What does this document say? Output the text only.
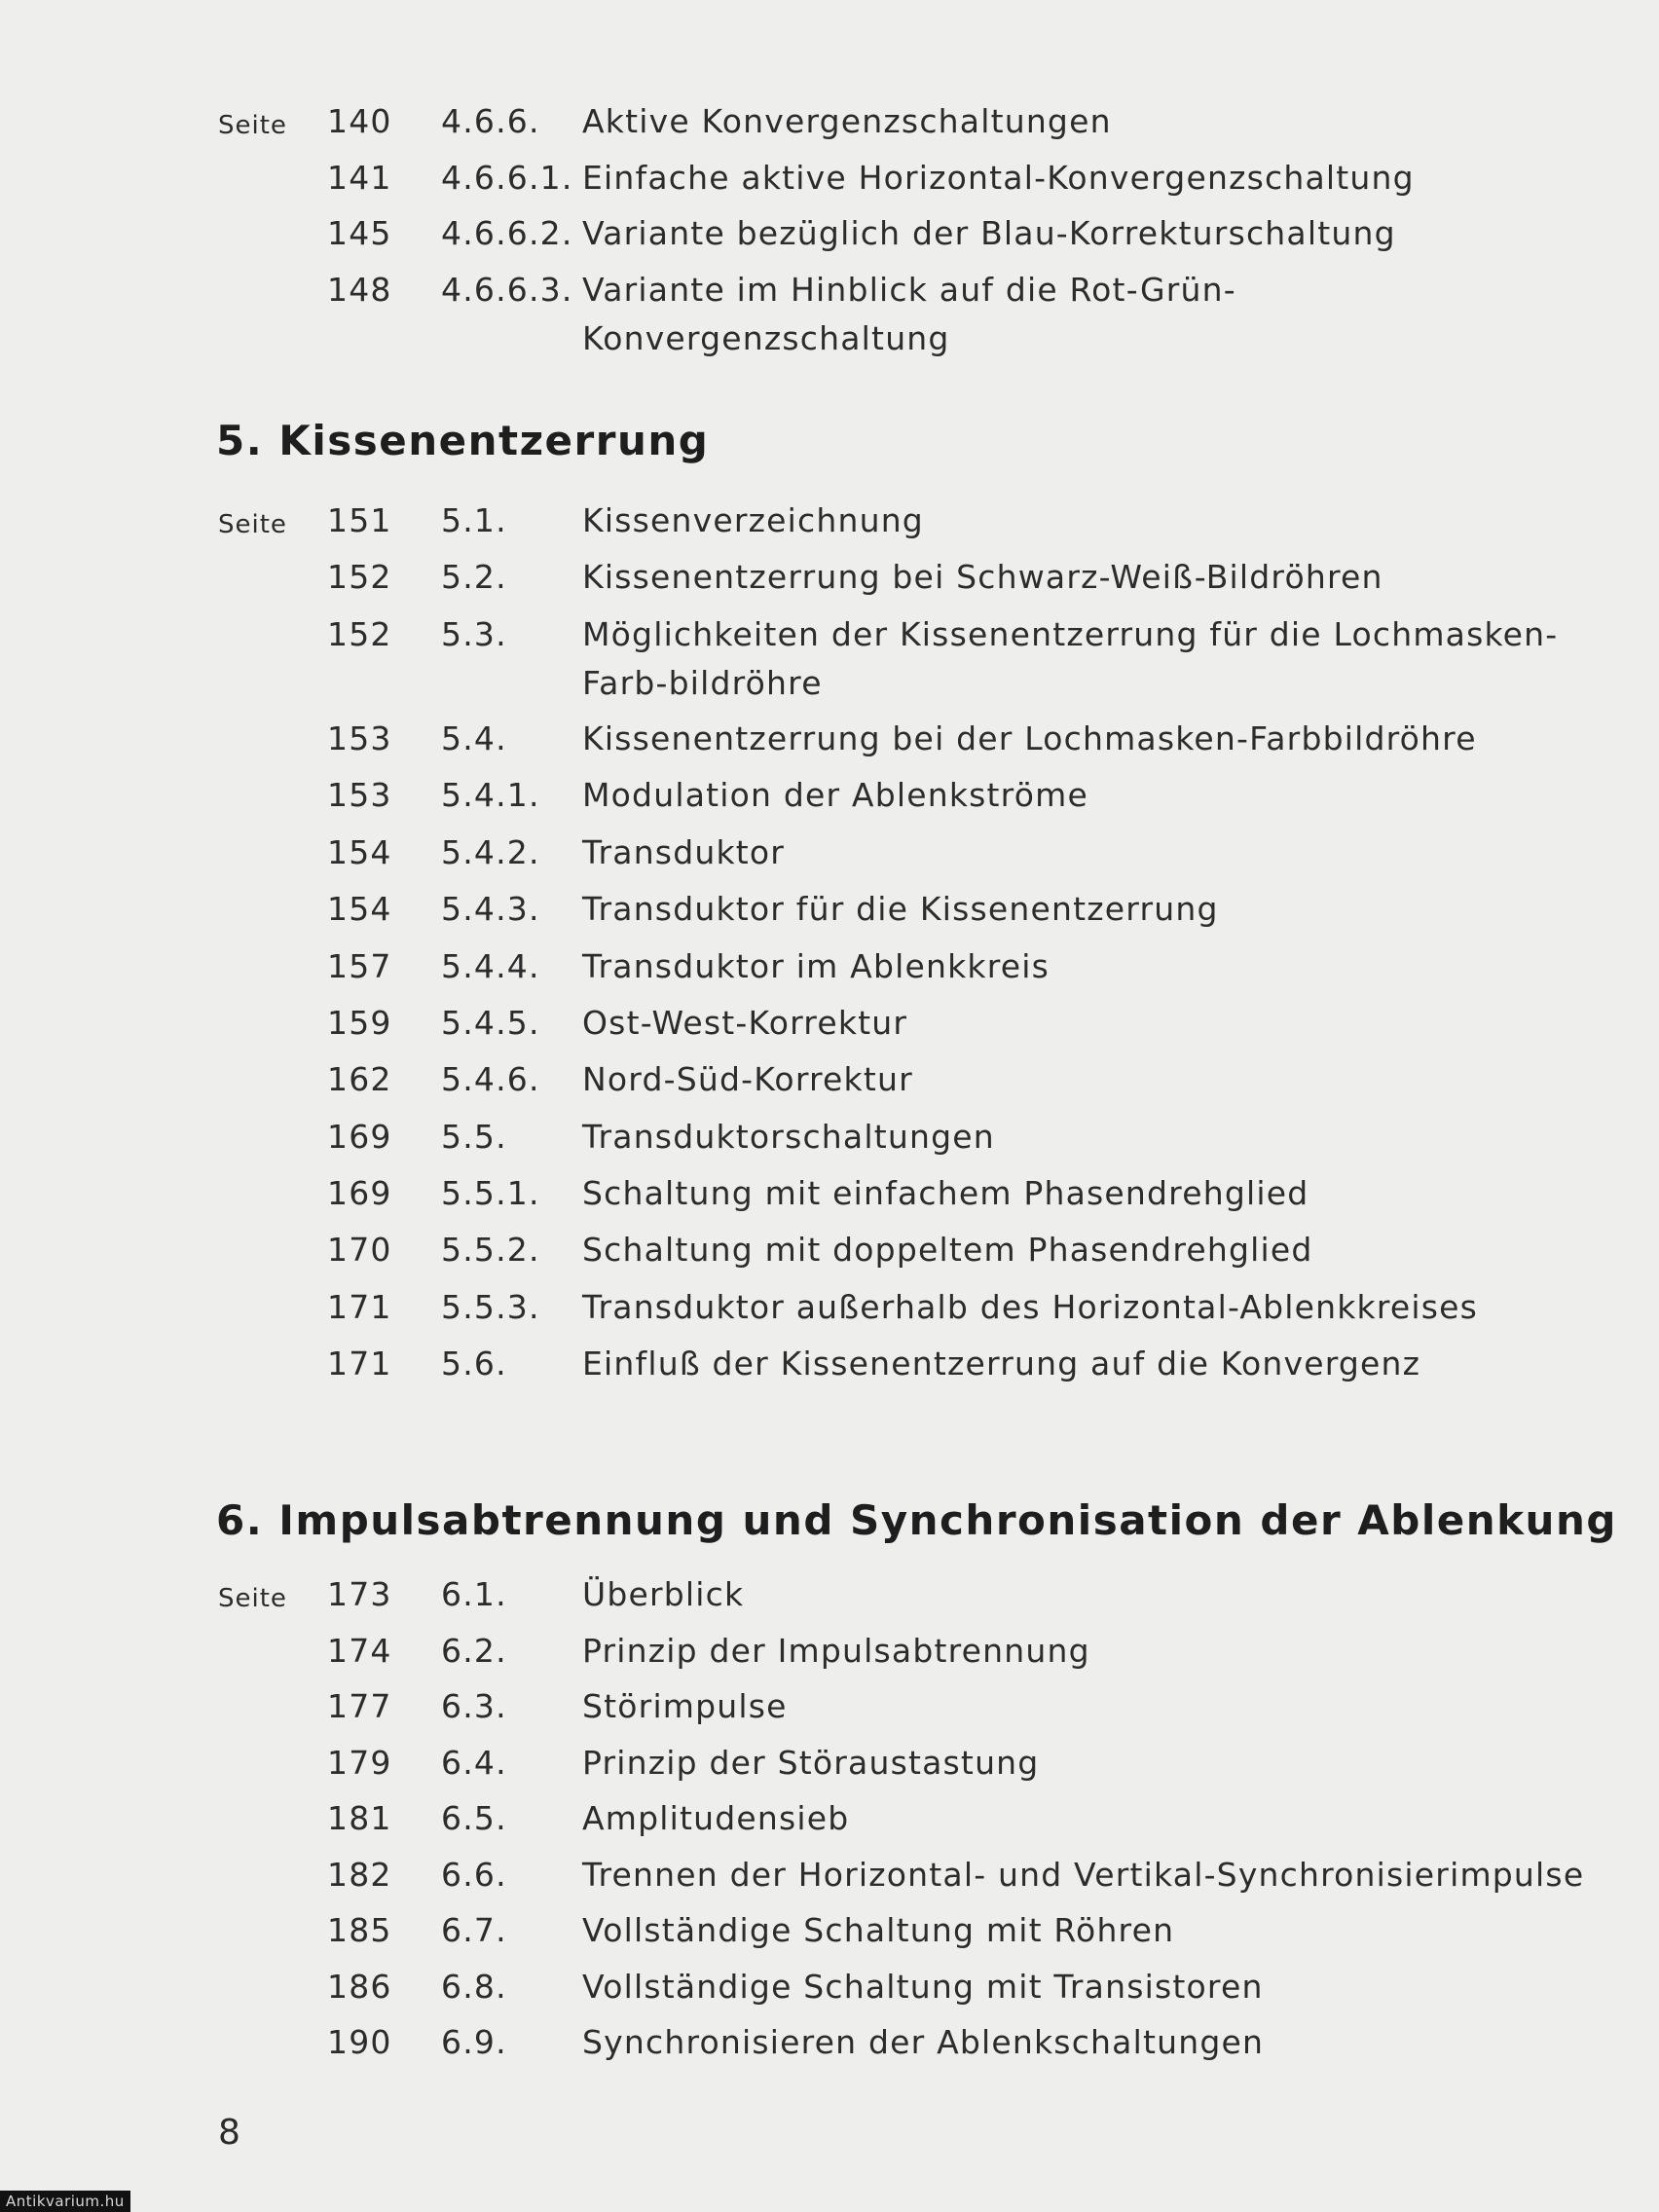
Seite 140 4.6.6. Aktive Konvergenzschaltungen
141 4.6.6.1. Einfache aktive Horizontal-Konvergenzschaltung
145 4.6.6.2. Variante bezüglich der Blau-Korrekturschaltung
148 4.6.6.3. Variante im Hinblick auf die Rot-Grün-Konvergenzschaltung
5. Kissenentzerrung
Seite 151 5.1. Kissenverzeichnung
152 5.2. Kissenentzerrung bei Schwarz-Weiß-Bildröhren
152 5.3. Möglichkeiten der Kissenentzerrung für die Lochmasken-Farb-bildröhre
153 5.4. Kissenentzerrung bei der Lochmasken-Farbbildröhre
153 5.4.1. Modulation der Ablenkströme
154 5.4.2. Transduktor
154 5.4.3. Transduktor für die Kissenentzerrung
157 5.4.4. Transduktor im Ablenkkreis
159 5.4.5. Ost-West-Korrektur
162 5.4.6. Nord-Süd-Korrektur
169 5.5. Transduktorschaltungen
169 5.5.1. Schaltung mit einfachem Phasendrehglied
170 5.5.2. Schaltung mit doppeltem Phasendrehglied
171 5.5.3. Transduktor außerhalb des Horizontal-Ablenkkreises
171 5.6. Einfluß der Kissenentzerrung auf die Konvergenz
6. Impulsabtrennung und Synchronisation der Ablenkung
Seite 173 6.1. Überblick
174 6.2. Prinzip der Impulsabtrennung
177 6.3. Störimpulse
179 6.4. Prinzip der Störaustastung
181 6.5. Amplitudensieb
182 6.6. Trennen der Horizontal- und Vertikal-Synchronisierimpulse
185 6.7. Vollständige Schaltung mit Röhren
186 6.8. Vollständige Schaltung mit Transistoren
190 6.9. Synchronisieren der Ablenkschaltungen
8
Antikvarium.hu
